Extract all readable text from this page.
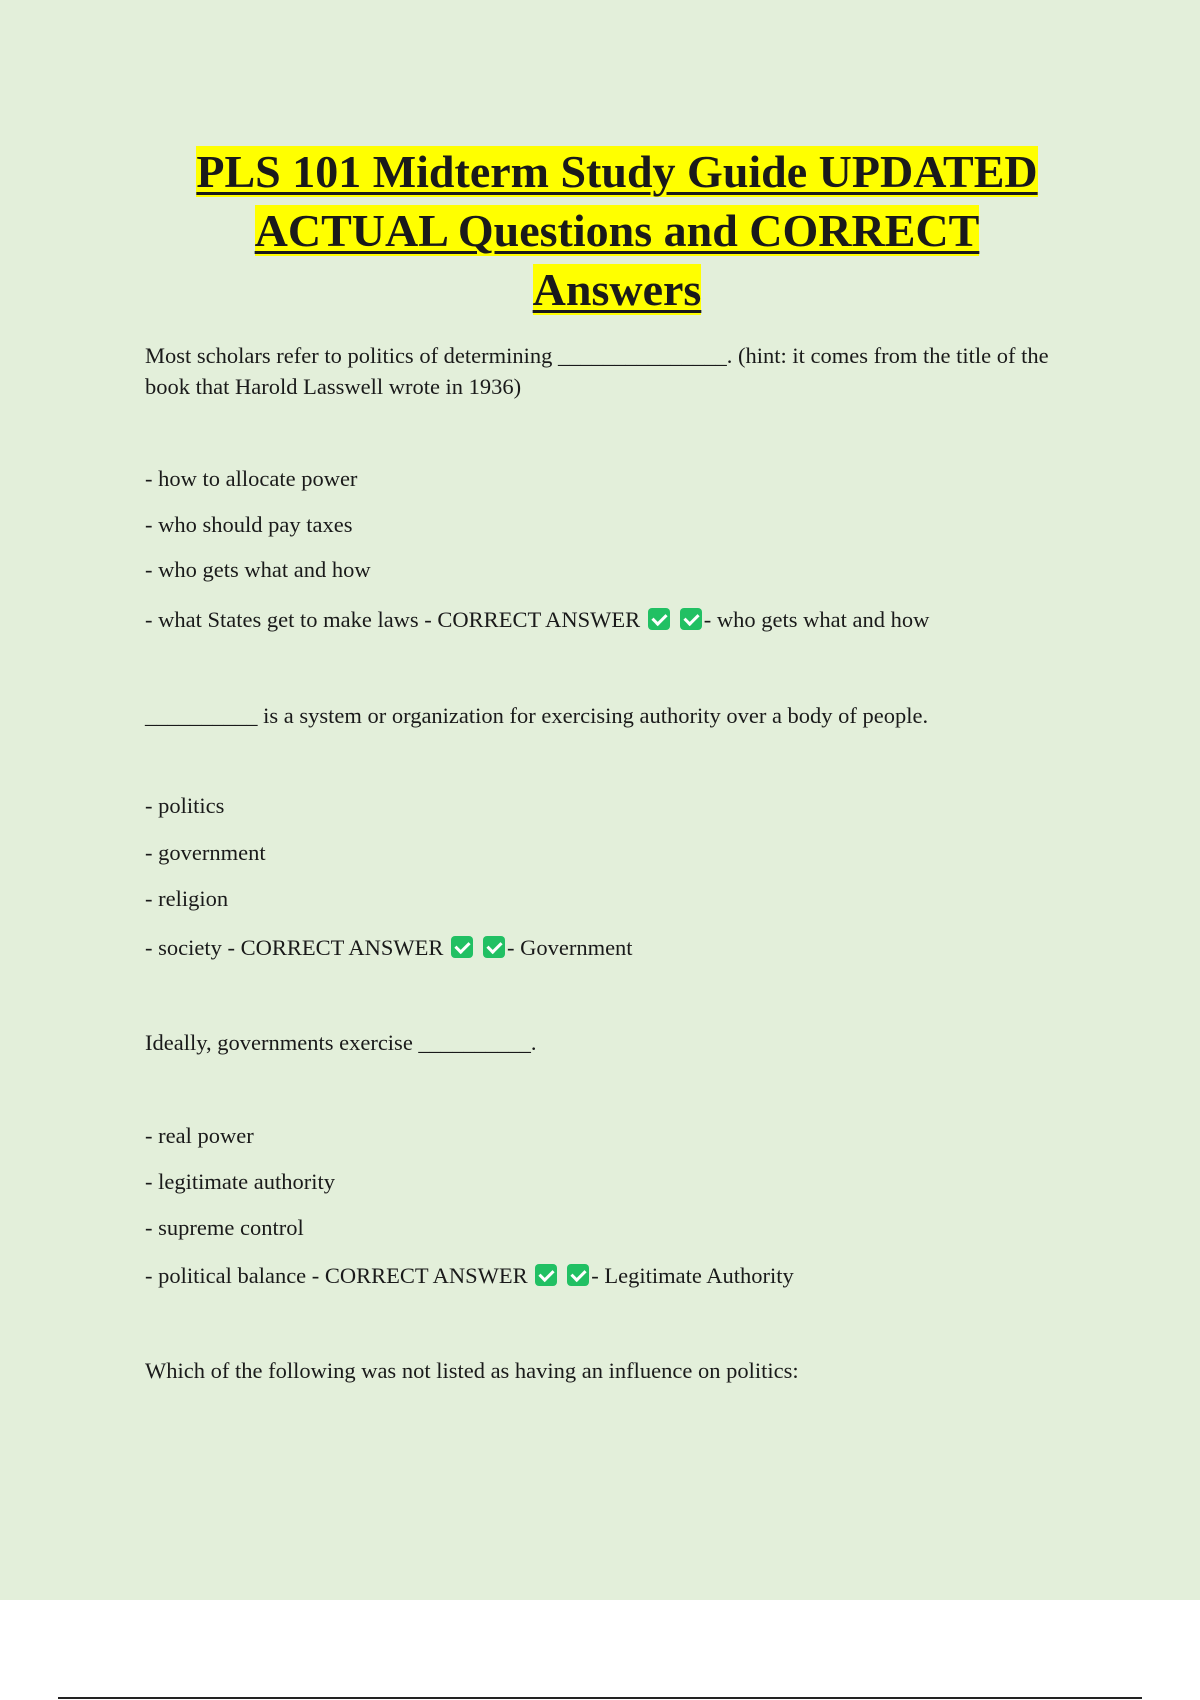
PLS 101 Midterm Study Guide UPDATED
ACTUAL Questions and CORRECT
Answers
Most scholars refer to politics of determining _______________. (hint: it comes from the title of the book that Harold Lasswell wrote in 1936)
- how to allocate power
- who should pay taxes
- who gets what and how
- what States get to make laws - CORRECT ANSWER	- who gets what and how
__________ is a system or organization for exercising authority over a body of people.
- politics
- government
- religion
- society - CORRECT ANSWER	- Government
Ideally, governments exercise __________.
- real power
- legitimate authority
- supreme control
- political balance - CORRECT ANSWER	- Legitimate Authority
Which of the following was not listed as having an influence on politics:
